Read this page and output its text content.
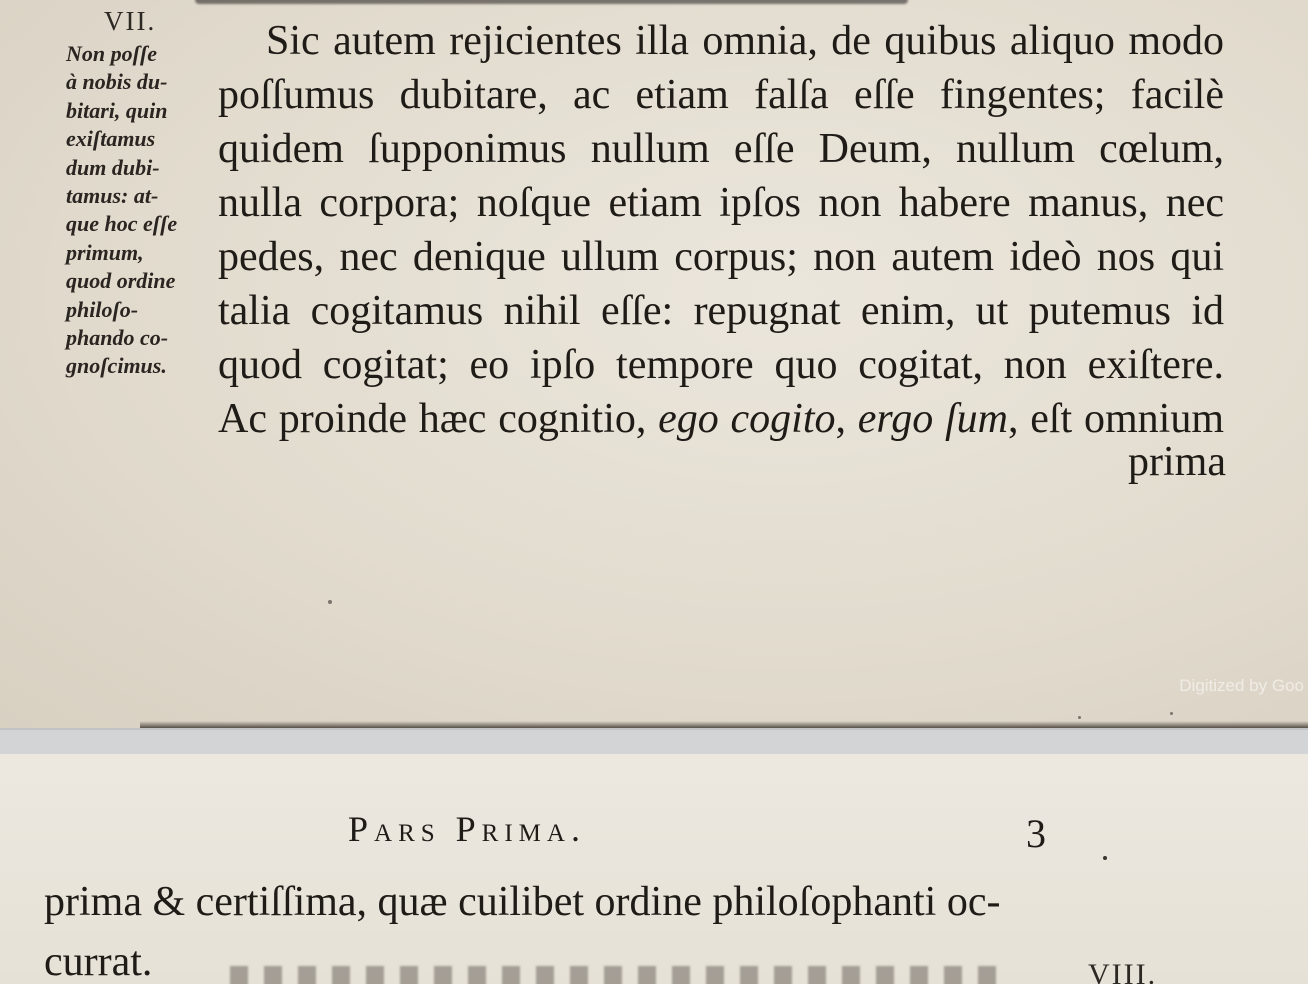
VII.
Non poſſe
à nobis du-
bitari, quin
exiſtamus
dum dubi-
tamus: at-
que hoc eſſe
primum,
quod ordine
philoſo-
phando co-
gnoſcimus.
Sic autem rejicientes illa omnia, de quibus aliquo modo
poſſumus dubitare, ac etiam falſa eſſe fingentes; facilè
quidem ſupponimus nullum eſſe Deum, nullum cœlum,
nulla corpora; noſque etiam ipſos non habere manus, nec
pedes, nec denique ullum corpus; non autem ideò nos qui
talia cogitamus nihil eſſe: repugnat enim, ut putemus id
quod cogitat; eo ipſo tempore quo cogitat, non exiſtere.
Ac proinde hæc cognitio, ego cogito, ergo ſum, eſt omnium
prima
Digitized by Goo
Pars Prima.	3
prima & certiſſima, quæ cuilibet ordine philoſophanti oc-
currat.	VIII.
